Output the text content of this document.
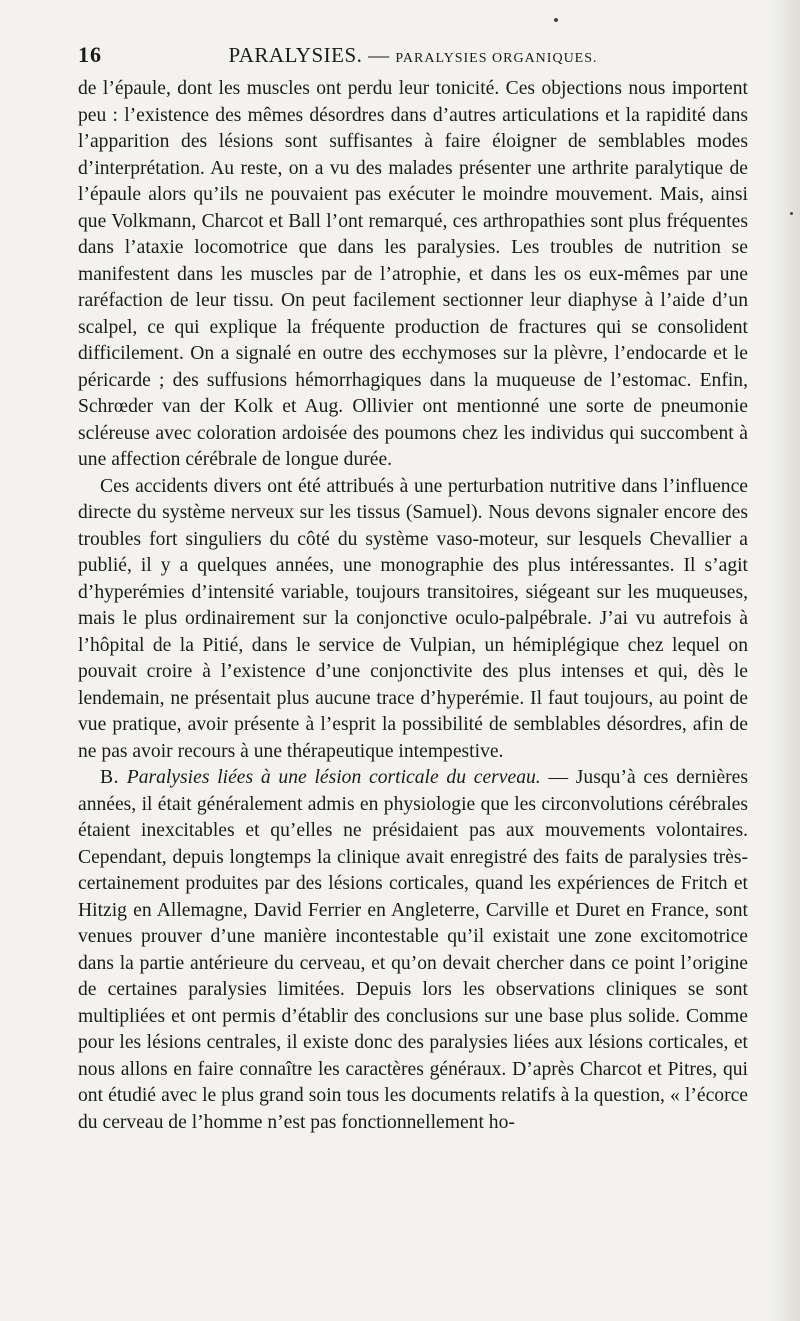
16	PARALYSIES. — PARALYSIES ORGANIQUES.

de l’épaule, dont les muscles ont perdu leur tonicité. Ces objections nous importent peu : l’existence des mêmes désordres dans d’autres articulations et la rapidité dans l’apparition des lésions sont suffisantes à faire éloigner de semblables modes d’interprétation. Au reste, on a vu des malades présenter une arthrite paralytique de l’épaule alors qu’ils ne pouvaient pas exécuter le moindre mouvement. Mais, ainsi que Volkmann, Charcot et Ball l’ont remarqué, ces arthropathies sont plus fréquentes dans l’ataxie locomotrice que dans les paralysies. Les troubles de nutrition se manifestent dans les muscles par de l’atrophie, et dans les os eux-mêmes par une raréfaction de leur tissu. On peut facilement sectionner leur diaphyse à l’aide d’un scalpel, ce qui explique la fréquente production de fractures qui se consolident difficilement. On a signalé en outre des ecchymoses sur la plèvre, l’endocarde et le péricarde ; des suffusions hémorrhagiques dans la muqueuse de l’estomac. Enfin, Schrœder van der Kolk et Aug. Ollivier ont mentionné une sorte de pneumonie scléreuse avec coloration ardoisée des poumons chez les individus qui succombent à une affection cérébrale de longue durée.

Ces accidents divers ont été attribués à une perturbation nutritive dans l’influence directe du système nerveux sur les tissus (Samuel). Nous devons signaler encore des troubles fort singuliers du côté du système vaso-moteur, sur lesquels Chevallier a publié, il y a quelques années, une monographie des plus intéressantes. Il s’agit d’hyperémies d’intensité variable, toujours transitoires, siégeant sur les muqueuses, mais le plus ordinairement sur la conjonctive oculo-palpébrale. J’ai vu autrefois à l’hôpital de la Pitié, dans le service de Vulpian, un hémiplégique chez lequel on pouvait croire à l’existence d’une conjonctivite des plus intenses et qui, dès le lendemain, ne présentait plus aucune trace d’hyperémie. Il faut toujours, au point de vue pratique, avoir présente à l’esprit la possibilité de semblables désordres, afin de ne pas avoir recours à une thérapeutique intempestive.

B. Paralysies liées à une lésion corticale du cerveau. — Jusqu’à ces dernières années, il était généralement admis en physiologie que les circonvolutions cérébrales étaient inexcitables et qu’elles ne présidaient pas aux mouvements volontaires. Cependant, depuis longtemps la clinique avait enregistré des faits de paralysies très-certainement produites par des lésions corticales, quand les expériences de Fritch et Hitzig en Allemagne, David Ferrier en Angleterre, Carville et Duret en France, sont venues prouver d’une manière incontestable qu’il existait une zone excitomotrice dans la partie antérieure du cerveau, et qu’on devait chercher dans ce point l’origine de certaines paralysies limitées. Depuis lors les observations cliniques se sont multipliées et ont permis d’établir des conclusions sur une base plus solide. Comme pour les lésions centrales, il existe donc des paralysies liées aux lésions corticales, et nous allons en faire connaître les caractères généraux. D’après Charcot et Pitres, qui ont étudié avec le plus grand soin tous les documents relatifs à la question, « l’écorce du cerveau de l’homme n’est pas fonctionnellement ho-
